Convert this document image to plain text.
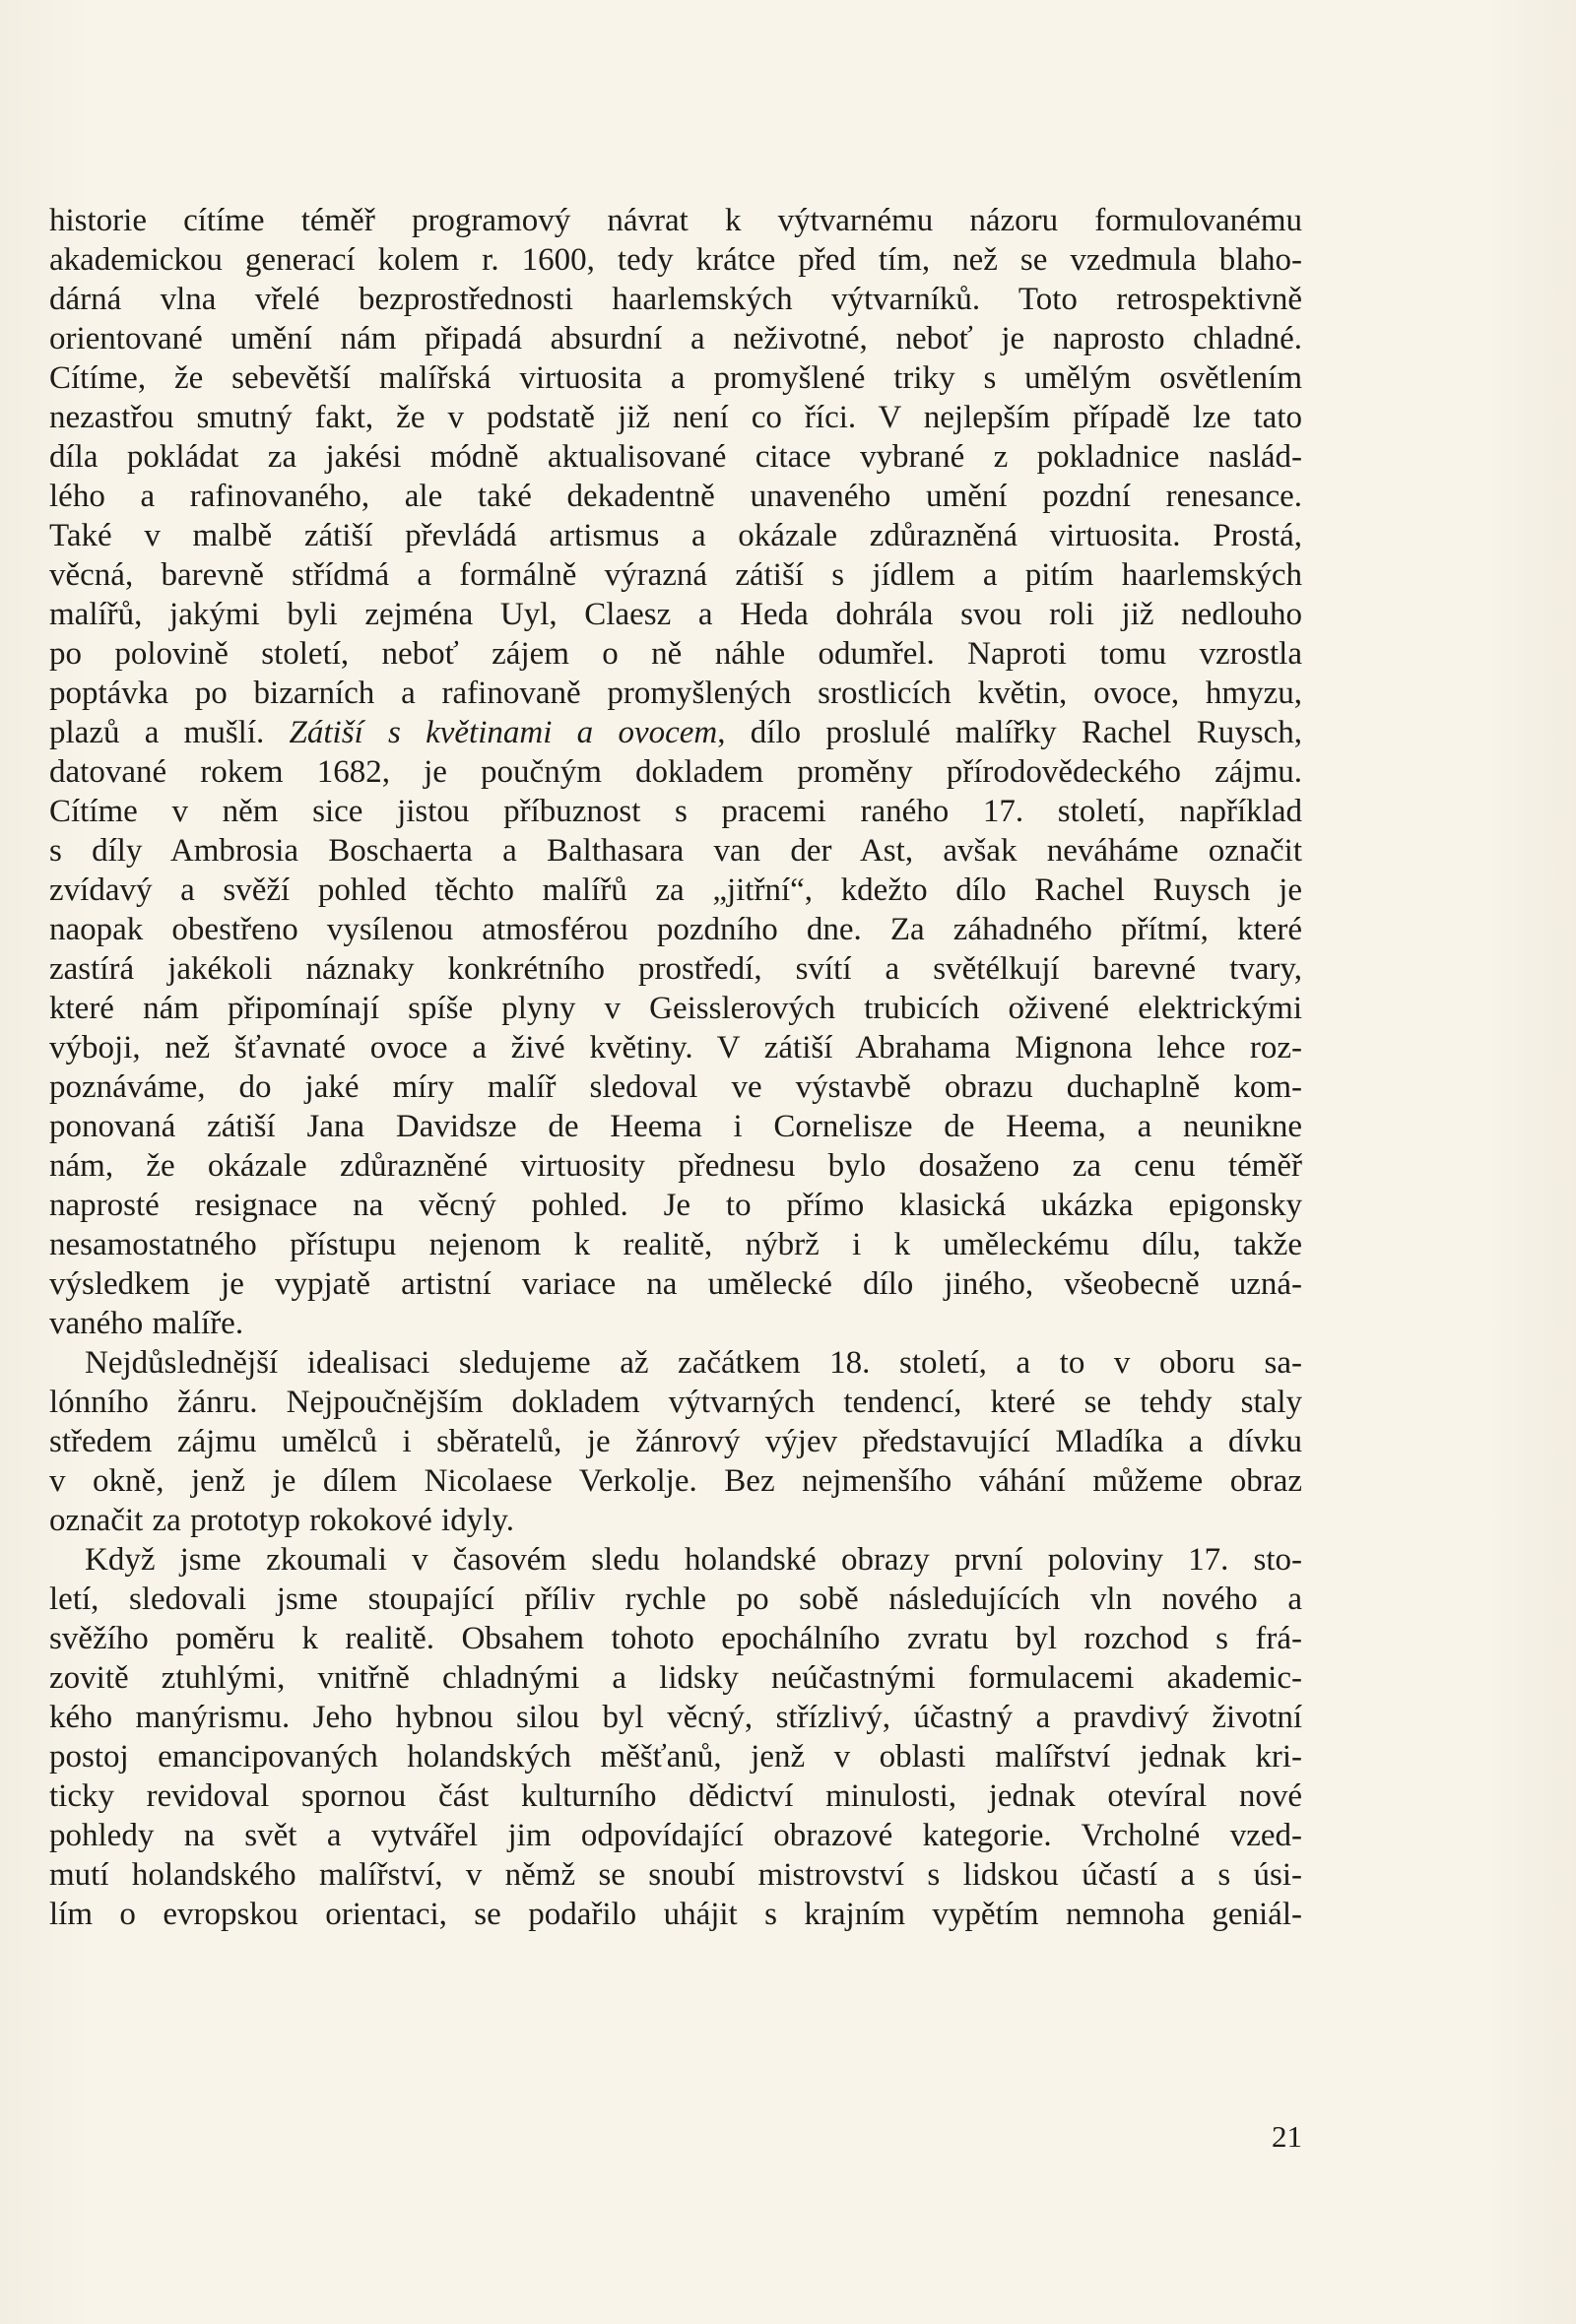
historie cítíme téměř programový návrat k výtvarnému názoru formulovanému
akademickou generací kolem r. 1600, tedy krátce před tím, než se vzedmula blaho-
dárná vlna vřelé bezprostřednosti haarlemských výtvarníků. Toto retrospektivně
orientované umění nám připadá absurdní a neživotné, neboť je naprosto chladné.
Cítíme, že sebevětší malířská virtuosita a promyšlené triky s umělým osvětlením
nezastřou smutný fakt, že v podstatě již není co říci. V nejlepším případě lze tato
díla pokládat za jakési módně aktualisované citace vybrané z pokladnice naslád-
lého a rafinovaného, ale také dekadentně unaveného umění pozdní renesance.
Také v malbě zátiší převládá artismus a okázale zdůrazněná virtuosita. Prostá,
věcná, barevně střídmá a formálně výrazná zátiší s jídlem a pitím haarlemských
malířů, jakými byli zejména Uyl, Claesz a Heda dohrála svou roli již nedlouho
po polovině století, neboť zájem o ně náhle odumřel. Naproti tomu vzrostla
poptávka po bizarních a rafinovaně promyšlených srostlicích květin, ovoce, hmyzu,
plazů a mušlí. Zátiší s květinami a ovocem, dílo proslulé malířky Rachel Ruysch,
datované rokem 1682, je poučným dokladem proměny přírodovědeckého zájmu.
Cítíme v něm sice jistou příbuznost s pracemi raného 17. století, například
s díly Ambrosia Boschaerta a Balthasara van der Ast, avšak neváháme označit
zvídavý a svěží pohled těchto malířů za „jitřní“, kdežto dílo Rachel Ruysch je
naopak obestřeno vysílenou atmosférou pozdního dne. Za záhadného přítmí, které
zastírá jakékoli náznaky konkrétního prostředí, svítí a světélkují barevné tvary,
které nám připomínají spíše plyny v Geisslerových trubicích oživené elektrickými
výboji, než šťavnaté ovoce a živé květiny. V zátiší Abrahama Mignona lehce roz-
poznáváme, do jaké míry malíř sledoval ve výstavbě obrazu duchaplně kom-
ponovaná zátiší Jana Davidsze de Heema i Cornelisze de Heema, a neunikne
nám, že okázale zdůrazněné virtuosity přednesu bylo dosaženo za cenu téměř
naprosté resignace na věcný pohled. Je to přímo klasická ukázka epigonsky
nesamostatného přístupu nejenom k realitě, nýbrž i k uměleckému dílu, takže
výsledkem je vypjatě artistní variace na umělecké dílo jiného, všeobecně uzná-
vaného malíře.
Nejdůslednější idealisaci sledujeme až začátkem 18. století, a to v oboru sa-
lónního žánru. Nejpoučnějším dokladem výtvarných tendencí, které se tehdy staly
středem zájmu umělců i sběratelů, je žánrový výjev představující Mladíka a dívku
v okně, jenž je dílem Nicolaese Verkolje. Bez nejmenšího váhání můžeme obraz
označit za prototyp rokokové idyly.
Když jsme zkoumali v časovém sledu holandské obrazy první poloviny 17. sto-
letí, sledovali jsme stoupající příliv rychle po sobě následujících vln nového a
svěžího poměru k realitě. Obsahem tohoto epochálního zvratu byl rozchod s frá-
zovitě ztuhlými, vnitřně chladnými a lidsky neúčastnými formulacemi akademic-
kého manýrismu. Jeho hybnou silou byl věcný, střízlivý, účastný a pravdivý životní
postoj emancipovaných holandských měšťanů, jenž v oblasti malířství jednak kri-
ticky revidoval spornou část kulturního dědictví minulosti, jednak otevíral nové
pohledy na svět a vytvářel jim odpovídající obrazové kategorie. Vrcholné vzed-
mutí holandského malířství, v němž se snoubí mistrovství s lidskou účastí a s úsi-
lím o evropskou orientaci, se podařilo uhájit s krajním vypětím nemnoha geniál-
21
